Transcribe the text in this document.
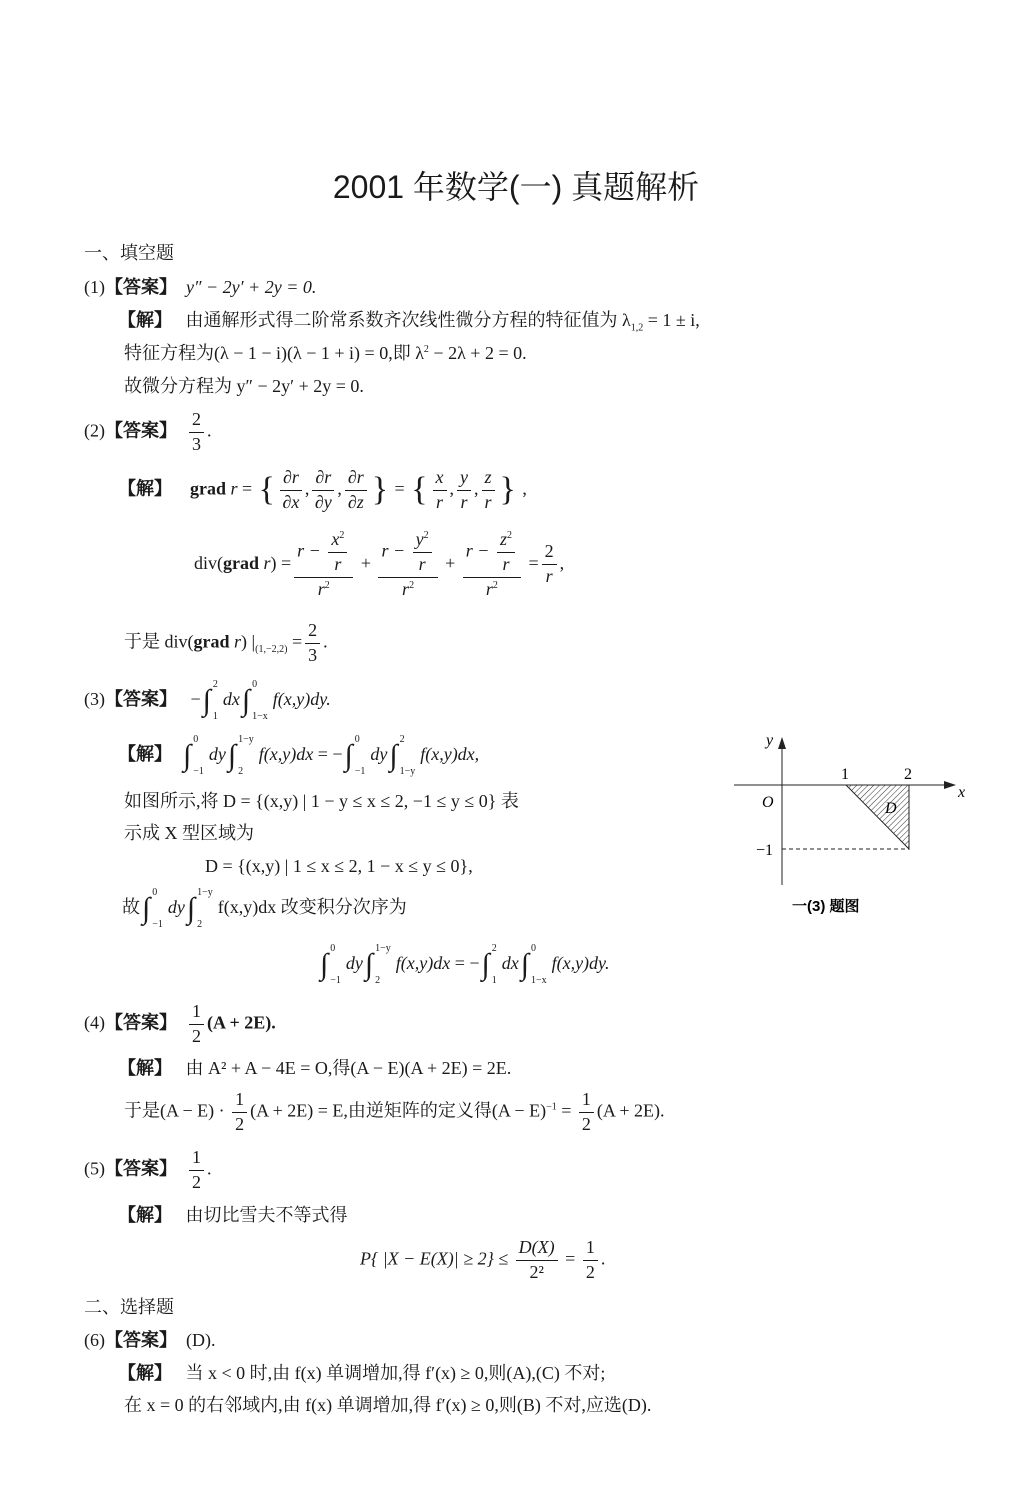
2001 年数学(一) 真题解析
一、填空题
(1)【答案】 y″ − 2y′ + 2y = 0.
【解】 由通解形式得二阶常系数齐次线性微分方程的特征值为 $\lambda_{1,2} = 1 \pm i$,
特征方程为(λ − 1 − i)(λ − 1 + i) = 0,即 $\lambda^2 - 2\lambda + 2 = 0$.
故微分方程为 y″ − 2y′ + 2y = 0.
(2)【答案】 $\frac{2}{3}$ .
【解】 grad r = { $\frac{\partial r}{\partial x}$ , $\frac{\partial r}{\partial y}$ , $\frac{\partial r}{\partial z}$ } = { $\frac{x}{r}$ , $\frac{y}{r}$ , $\frac{z}{r}$ } ,
div(grad $r) = \frac{r - \frac{x^2}{r}}{r^2} + \frac{r - \frac{y^2}{r}}{r^2} + \frac{r - \frac{z^2}{r}}{r^2} = \frac{2}{r}$ ,
于是 div(grad r) $|_{(1,-2,2)} = \frac{2}{3}$ .
(3)【答案】 − ∫ 2
1
dx ∫ 0
1−x
f(x,y)dy.
【解】 ∫ 0
−1
dy ∫ 1−y
2
f(x,y)dx = − ∫ 0
−1
dy ∫ 2
1−y
f(x,y)dx,
如图所示,将 D = {(x,y) | 1 − y ≤ x ≤ 2, −1 ≤ y ≤ 0} 表
示成 X 型区域为
D = {(x,y) | 1 ≤ x ≤ 2, 1 − x ≤ y ≤ 0},
故 ∫ 0
−1
dy ∫ 1−y
2
f(x,y)dx 改变积分次序为
∫ 0
−1
dy ∫ 1−y
2
f(x,y)dx = − ∫ 2
1
dx ∫ 0
1−x
f(x,y)dy.
y
x
O
1	2
−1
D
一(3) 题图
(4)【答案】 $\frac{1}{2} (A + 2E)$.
【解】 由 A² + A − 4E = O,得(A − E)(A + 2E) = 2E.
于是$(A - E) \cdot \frac{1}{2} (A + 2E) = E$,由逆矩阵的定义得$(A - E)^{-1} = \frac{1}{2} (A + 2E)$.
(5)【答案】 $\frac{1}{2}$ .
【解】 由切比雪夫不等式得
P{ $|X - E(X)| \ge 2\} \le \frac{D(X)}{\text{2²}} = \frac{1}{2}$ .
二、选择题
(6)【答案】 (D).
【解】 当 x < 0 时,由 f(x) 单调增加,得 f′(x) ≥ 0,则(A),(C) 不对;
在 x = 0 的右邻域内,由 f(x) 单调增加,得 f′(x) ≥ 0,则(B) 不对,应选(D).
